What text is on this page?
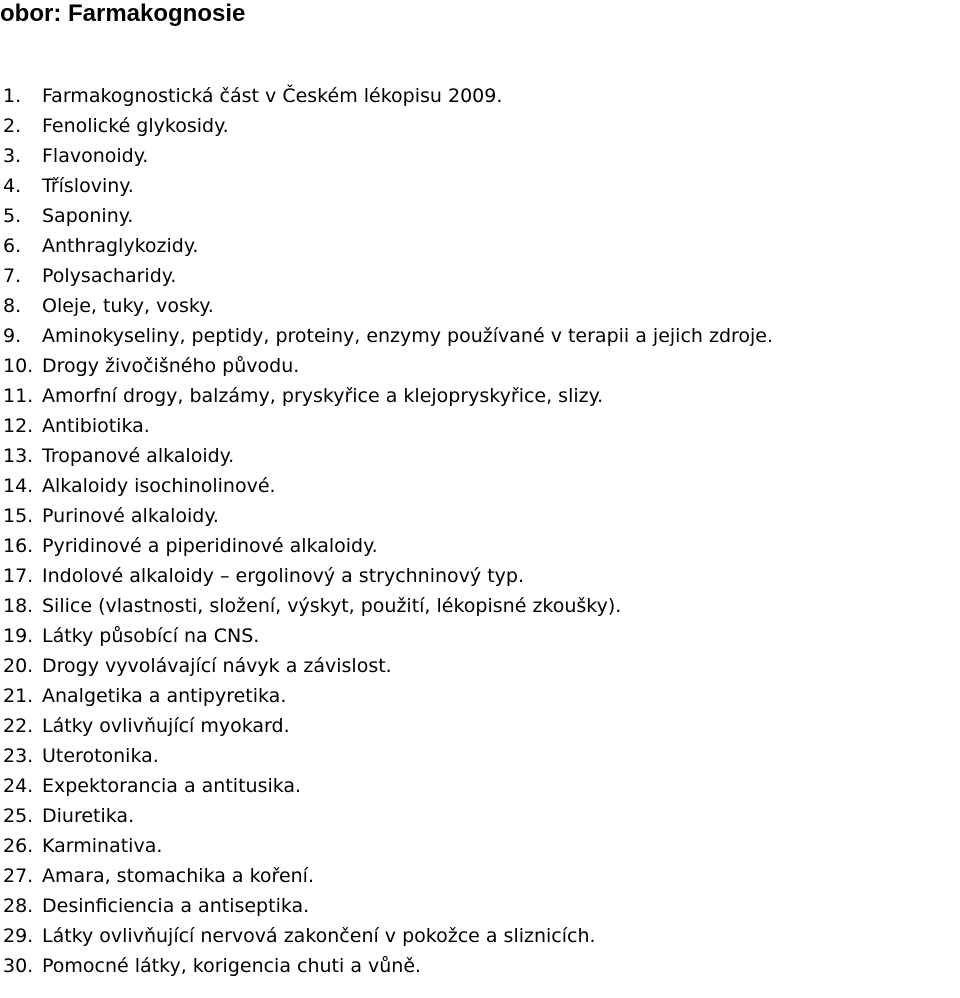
obor: Farmakognosie
1.	Farmakognostická část v Českém lékopisu 2009.
2.	Fenolické glykosidy.
3.	Flavonoidy.
4.	Třísloviny.
5.	Saponiny.
6.	Anthraglykozidy.
7.	Polysacharidy.
8.	Oleje, tuky, vosky.
9.	Aminokyseliny, peptidy, proteiny, enzymy používané v terapii a jejich zdroje.
10. Drogy živočišného původu.
11. Amorfní drogy, balzámy, pryskyřice a klejopryskyřice, slizy.
12. Antibiotika.
13. Tropanové alkaloidy.
14. Alkaloidy isochinolinové.
15. Purinové alkaloidy.
16. Pyridinové a piperidinové alkaloidy.
17. Indolové alkaloidy – ergolinový a strychninový typ.
18. Silice (vlastnosti, složení, výskyt, použití, lékopisné zkoušky).
19. Látky působící na CNS.
20. Drogy vyvolávající návyk a závislost.
21. Analgetika a antipyretika.
22. Látky ovlivňující myokard.
23. Uterotonika.
24. Expektorancia a antitusika.
25. Diuretika.
26. Karminativa.
27. Amara, stomachika a koření.
28. Desinficiencia a antiseptika.
29. Látky ovlivňující nervová zakončení v pokožce a sliznicích.
30. Pomocné látky, korigencia chuti a vůně.
